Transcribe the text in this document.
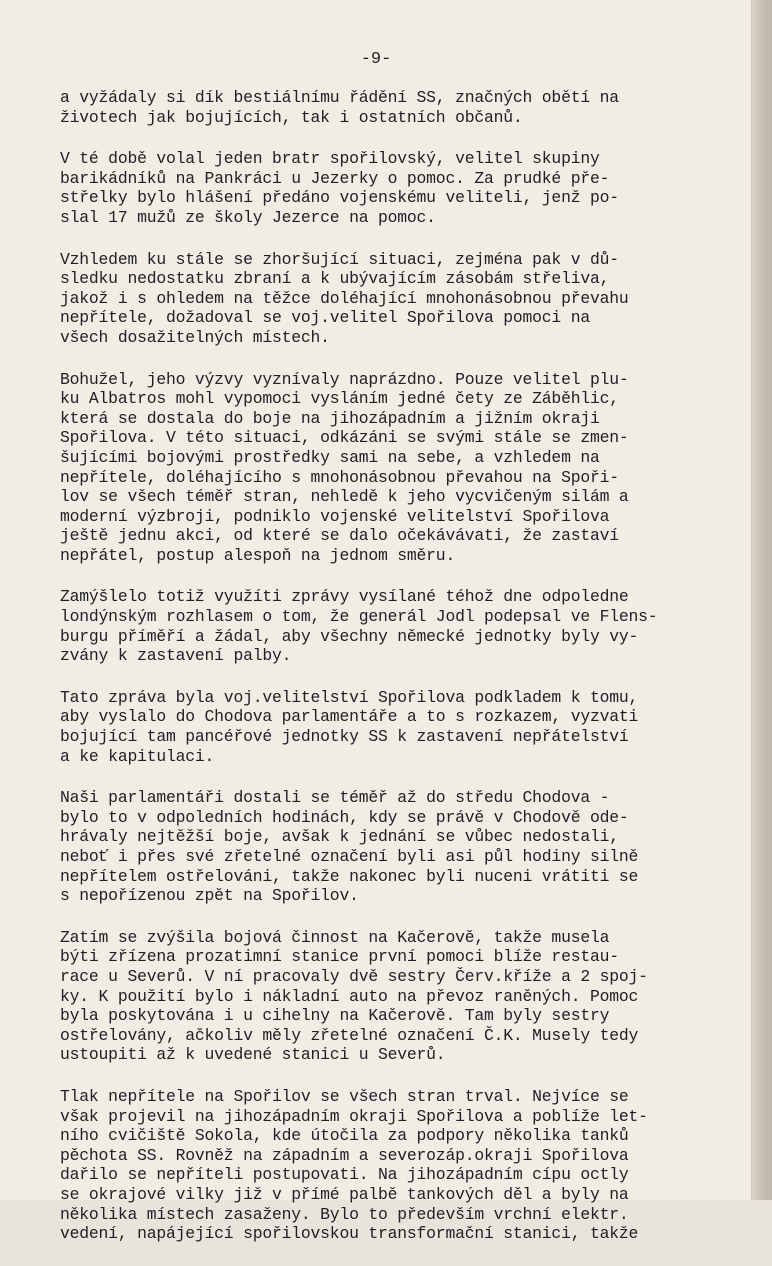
-9-

a vyžádaly si dík bestiálnímu řádění SS, značných obětí na
životech jak bojujících, tak i ostatních občanů.

V té době volal jeden bratr spořilovský, velitel skupiny
barikádníků na Pankráci u Jezerky o pomoc. Za prudké pře-
střelky bylo hlášení předáno vojenskému veliteli, jenž po-
slal 17 mužů ze školy Jezerce na pomoc.

Vzhledem ku stále se zhoršující situaci, zejména pak v dů-
sledku nedostatku zbraní a k ubývajícím zásobám střeliva,
jakož i s ohledem na těžce doléhající mnohonásobnou převahu
nepřítele, dožadoval se voj.velitel Spořilova pomoci na
všech dosažitelných místech.

Bohužel, jeho výzvy vyznívaly naprázdno. Pouze velitel plu-
ku Albatros mohl vypomoci vysláním jedné čety ze Záběhlic,
která se dostala do boje na jihozápadním a jižním okraji
Spořilova. V této situaci, odkázáni se svými stále se zmen-
šujícími bojovými prostředky sami na sebe, a vzhledem na
nepřítele, doléhajícího s mnohonásobnou převahou na Spoři-
lov se všech téměř stran, nehledě k jeho vycvičeným silám a
moderní výzbroji, podniklo vojenské velitelství Spořilova
ještě jednu akci, od které se dalo očekávávati, že zastaví
nepřátel, postup alespoň na jednom směru.

Zamýšlelo totiž využíti zprávy vysílané téhož dne odpoledne
londýnským rozhlasem o tom, že generál Jodl podepsal ve Flens-
burgu příměří a žádal, aby všechny německé jednotky byly vy-
zvány k zastavení palby.

Tato zpráva byla voj.velitelství Spořilova podkladem k tomu,
aby vyslalo do Chodova parlamentáře a to s rozkazem, vyzvati
bojující tam pancéřové jednotky SS k zastavení nepřátelství
a ke kapitulaci.

Naši parlamentáři dostali se téměř až do středu Chodova -
bylo to v odpoledních hodinách, kdy se právě v Chodově ode-
hrávaly nejtěžší boje, avšak k jednání se vůbec nedostali,
neboť i přes své zřetelné označení byli asi půl hodiny silně
nepřítelem ostřelováni, takže nakonec byli nuceni vrátiti se
s nepořízenou zpět na Spořilov.

Zatím se zvýšila bojová činnost na Kačerově, takže musela
býti zřízena prozatimní stanice první pomoci blíže restau-
race u Severů. V ní pracovaly dvě sestry Červ.kříže a 2 spoj-
ky. K použití bylo i nákladní auto na převoz raněných. Pomoc
byla poskytována i u cihelny na Kačerově. Tam byly sestry
ostřelovány, ačkoliv měly zřetelné označení Č.K. Musely tedy
ustoupiti až k uvedené stanici u Severů.

Tlak nepřítele na Spořilov se všech stran trval. Nejvíce se
však projevil na jihozápadním okraji Spořilova a poblíže let-
ního cvičiště Sokola, kde útočila za podpory několika tanků
pěchota SS. Rovněž na západním a severozáp.okraji Spořilova
dařilo se nepříteli postupovati. Na jihozápadním cípu octly
se okrajové vilky již v přímé palbě tankových děl a byly na
několika místech zasaženy. Bylo to především vrchní elektr.
vedení, napájející spořilovskou transformační stanici, takže
